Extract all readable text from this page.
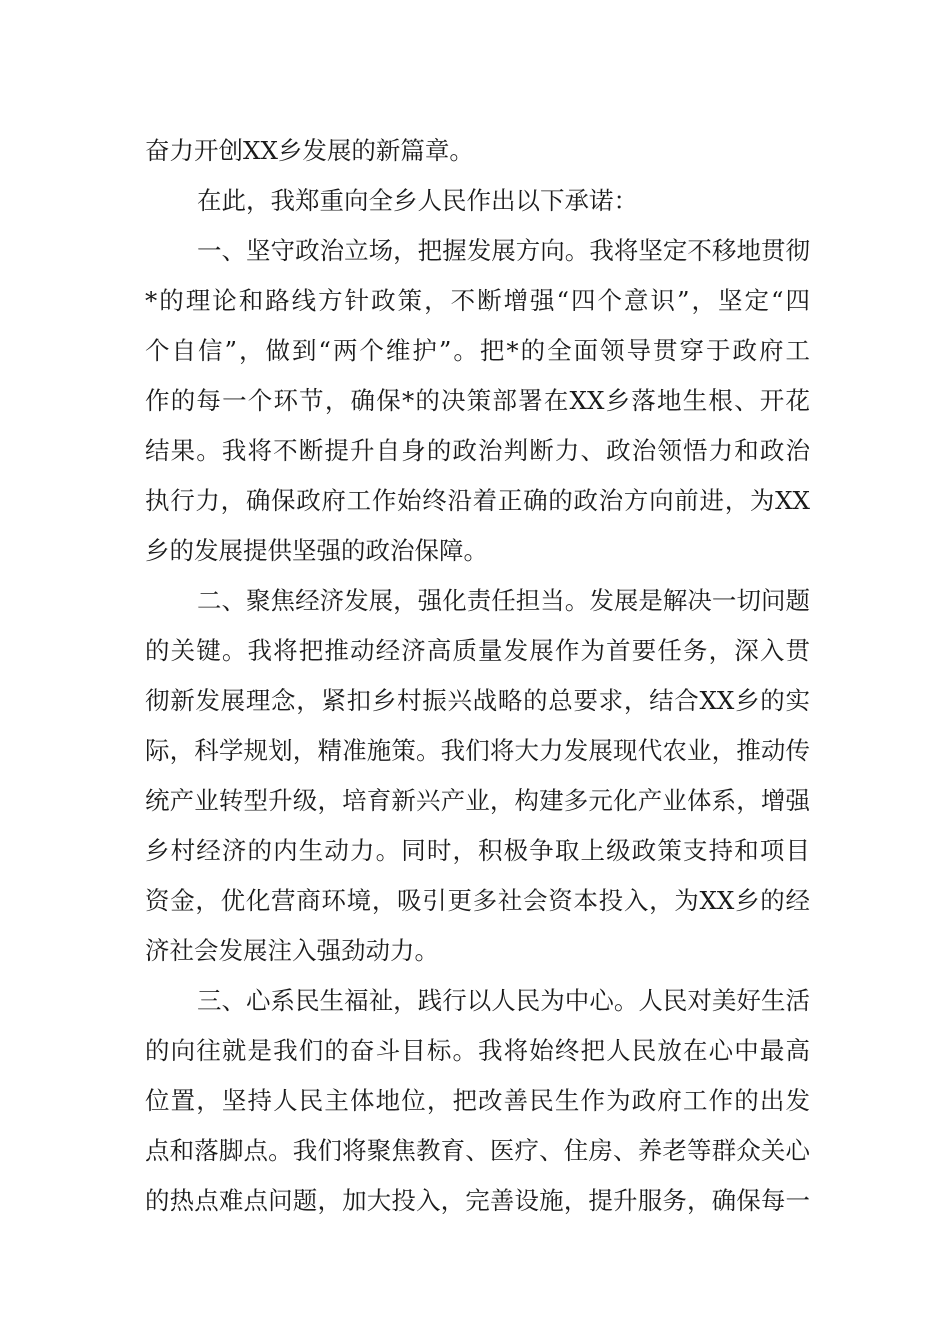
奋力开创XX乡发展的新篇章。
在此，我郑重向全乡人民作出以下承诺：
一、坚守政治立场，把握发展方向。我将坚定不移地贯彻
*的理论和路线方针政策，不断增强“四个意识”，坚定“四
个自信”，做到“两个维护”。把*的全面领导贯穿于政府工
作的每一个环节，确保*的决策部署在XX乡落地生根、开花
结果。我将不断提升自身的政治判断力、政治领悟力和政治
执行力，确保政府工作始终沿着正确的政治方向前进，为XX
乡的发展提供坚强的政治保障。
二、聚焦经济发展，强化责任担当。发展是解决一切问题
的关键。我将把推动经济高质量发展作为首要任务，深入贯
彻新发展理念，紧扣乡村振兴战略的总要求，结合XX乡的实
际，科学规划，精准施策。我们将大力发展现代农业，推动传
统产业转型升级，培育新兴产业，构建多元化产业体系，增强
乡村经济的内生动力。同时，积极争取上级政策支持和项目
资金，优化营商环境，吸引更多社会资本投入，为XX乡的经
济社会发展注入强劲动力。
三、心系民生福祉，践行以人民为中心。人民对美好生活
的向往就是我们的奋斗目标。我将始终把人民放在心中最高
位置，坚持人民主体地位，把改善民生作为政府工作的出发
点和落脚点。我们将聚焦教育、医疗、住房、养老等群众关心
的热点难点问题，加大投入，完善设施，提升服务，确保每一
